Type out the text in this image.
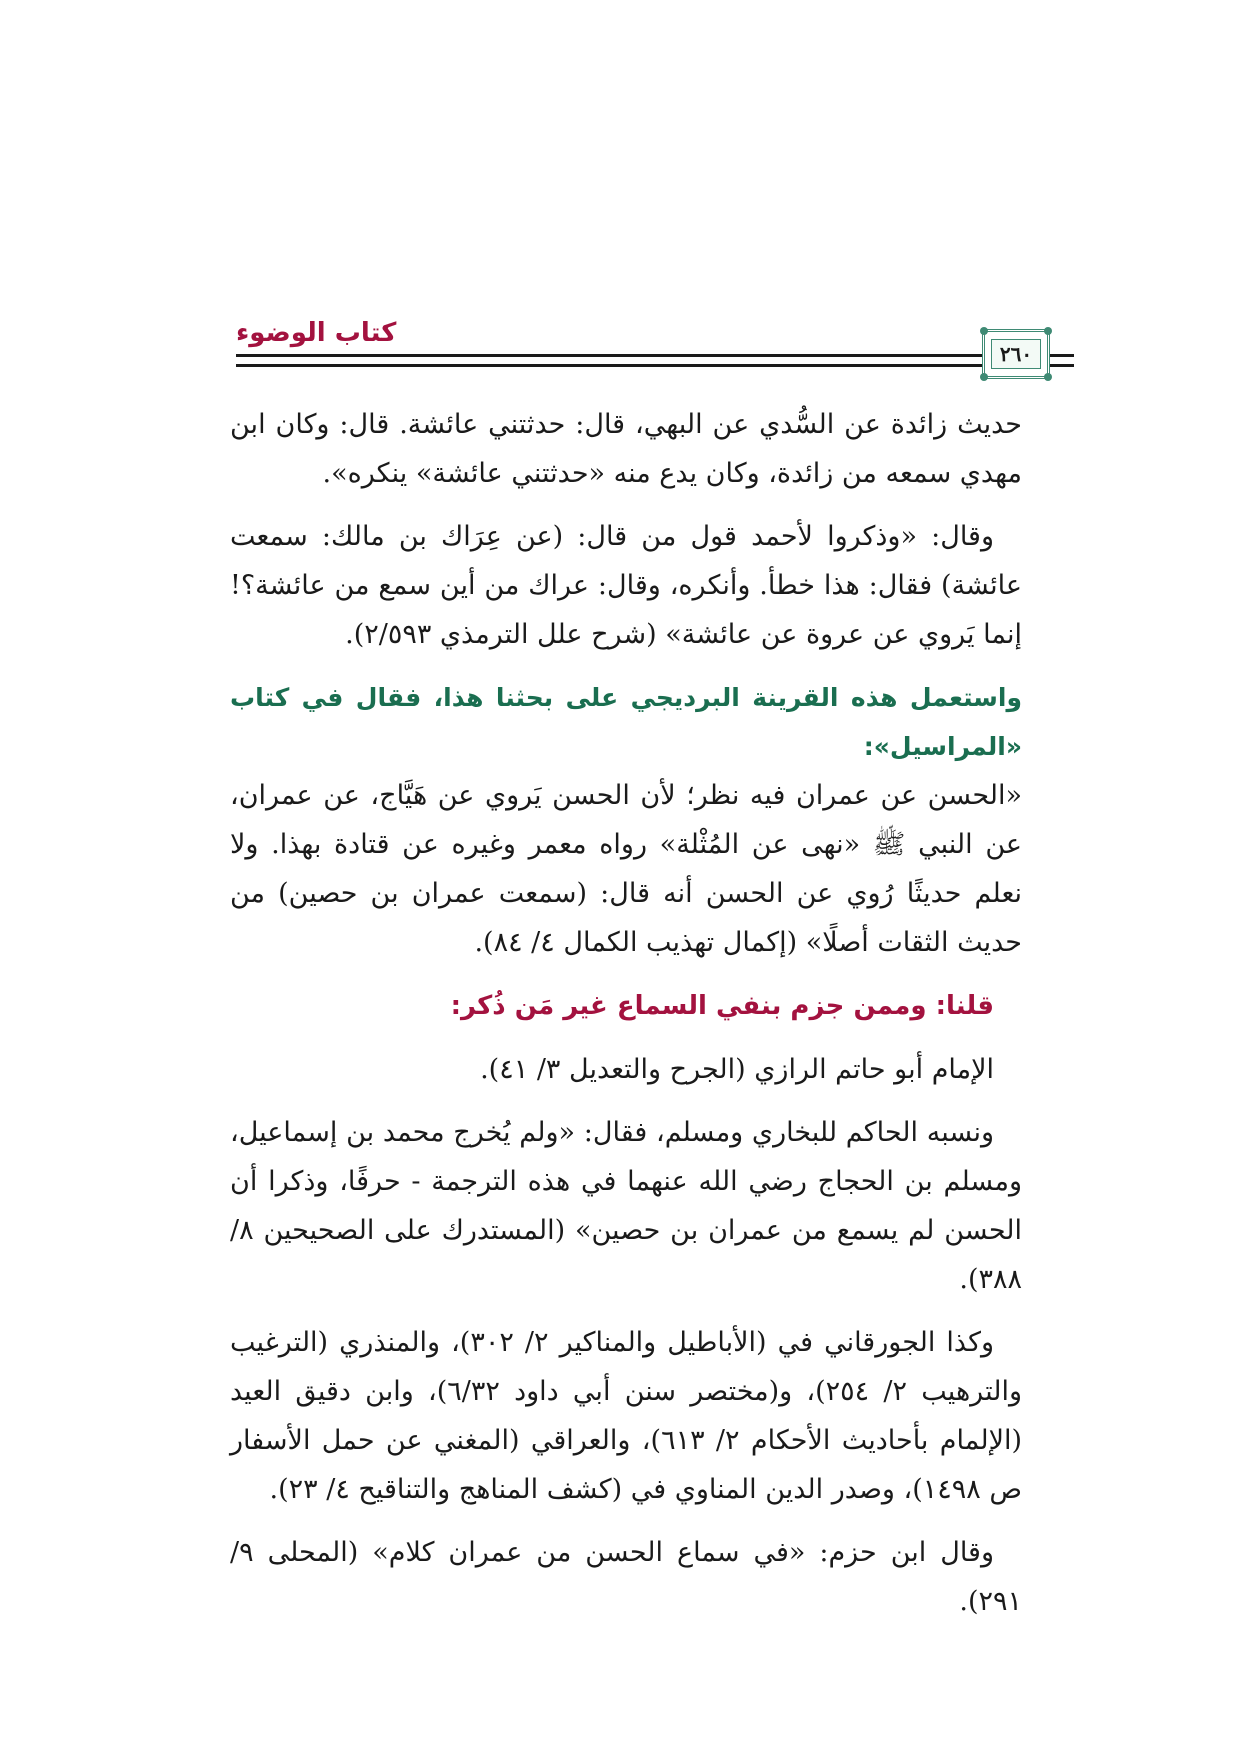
كتاب الوضوء
٢٦٠

حديث زائدة عن السُّدي عن البهي، قال: حدثتني عائشة. قال: وكان ابن مهدي سمعه من زائدة، وكان يدع منه «حدثتني عائشة» ينكره».

وقال: «وذكروا لأحمد قول من قال: (عن عِرَاك بن مالك: سمعت عائشة) فقال: هذا خطأ. وأنكره، وقال: عراك من أين سمع من عائشة؟! إنما يَروي عن عروة عن عائشة» (شرح علل الترمذي ٢/٥٩٣).

واستعمل هذه القرينة البرديجي على بحثنا هذا، فقال في كتاب «المراسيل»:
«الحسن عن عمران فيه نظر؛ لأن الحسن يَروي عن هَيَّاج، عن عمران، عن النبي ﷺ «نهى عن المُثْلة» رواه معمر وغيره عن قتادة بهذا. ولا نعلم حديثًا رُوي عن الحسن أنه قال: (سمعت عمران بن حصين) من حديث الثقات أصلًا» (إكمال تهذيب الكمال ٤/ ٨٤).

قلنا: وممن جزم بنفي السماع غير مَن ذُكر:

الإمام أبو حاتم الرازي (الجرح والتعديل ٣/ ٤١).

ونسبه الحاكم للبخاري ومسلم، فقال: «ولم يُخرج محمد بن إسماعيل، ومسلم بن الحجاج رضي الله عنهما في هذه الترجمة - حرفًا، وذكرا أن الحسن لم يسمع من عمران بن حصين» (المستدرك على الصحيحين ٨/ ٣٨٨).

وكذا الجورقاني في (الأباطيل والمناكير ٢/ ٣٠٢)، والمنذري (الترغيب والترهيب ٢/ ٢٥٤)، و(مختصر سنن أبي داود ٦/٣٢)، وابن دقيق العيد (الإلمام بأحاديث الأحكام ٢/ ٦١٣)، والعراقي (المغني عن حمل الأسفار ص ١٤٩٨)، وصدر الدين المناوي في (كشف المناهج والتناقيح ٤/ ٢٣).

وقال ابن حزم: «في سماع الحسن من عمران كلام» (المحلى ٩/ ٢٩١).
